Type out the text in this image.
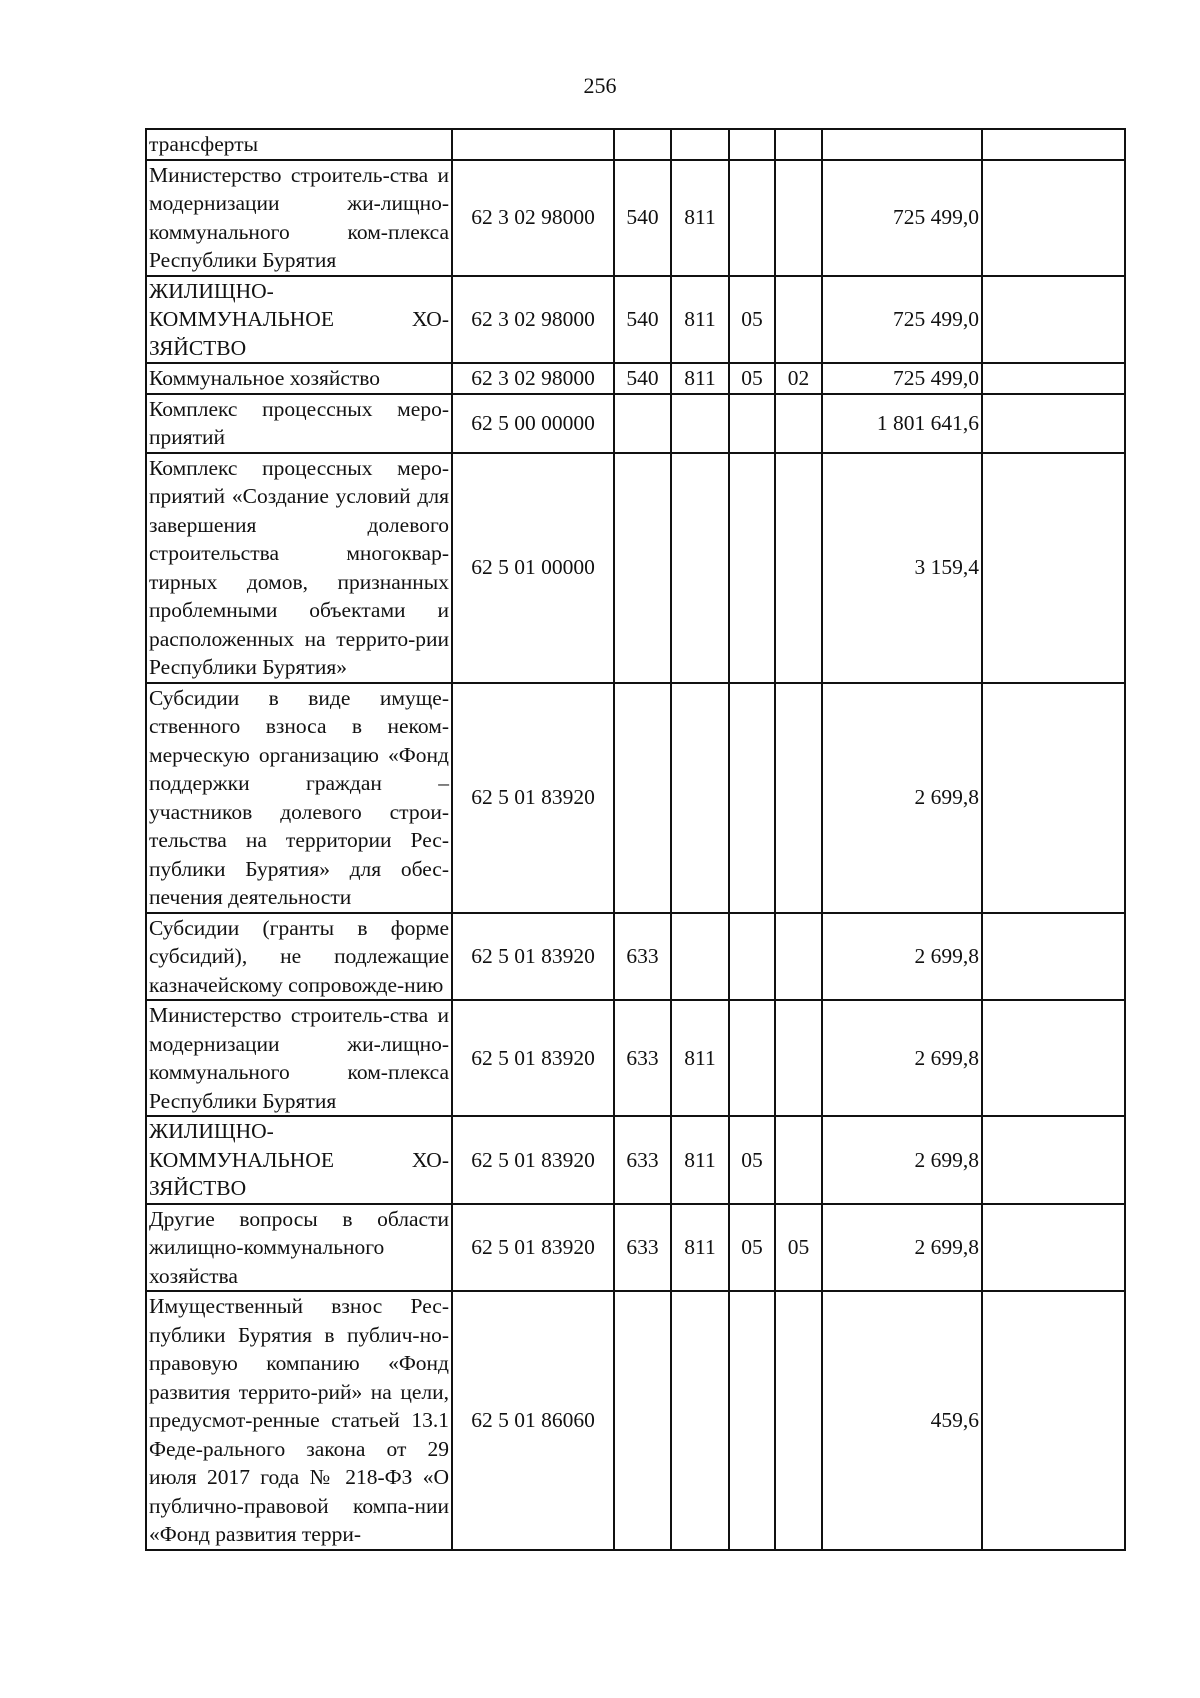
256
трансферты							
Министерство строитель-ства и модернизации жи-лищно-коммунального ком-плекса Республики Бурятия	62 3 02 98000	540	811			725 499,0	
ЖИЛИЩНО-КОММУНАЛЬНОЕ ХО-ЗЯЙСТВО	62 3 02 98000	540	811	05		725 499,0	
Коммунальное хозяйство	62 3 02 98000	540	811	05	02	725 499,0	
Комплекс процессных меро-приятий	62 5 00 00000					1 801 641,6	
Комплекс процессных меро-приятий «Создание условий для завершения долевого строительства многоквар-тирных домов, признанных проблемными объектами и расположенных на террито-рии Республики Бурятия»	62 5 01 00000					3 159,4	
Субсидии в виде имуще-ственного взноса в неком-мерческую организацию «Фонд поддержки граждан – участников долевого строи-тельства на территории Рес-публики Бурятия» для обес-печения деятельности	62 5 01 83920					2 699,8	
Субсидии (гранты в форме субсидий), не подлежащие казначейскому сопровожде-нию	62 5 01 83920	633				2 699,8	
Министерство строитель-ства и модернизации жи-лищно-коммунального ком-плекса Республики Бурятия	62 5 01 83920	633	811			2 699,8	
ЖИЛИЩНО-КОММУНАЛЬНОЕ ХО-ЗЯЙСТВО	62 5 01 83920	633	811	05		2 699,8	
Другие вопросы в области жилищно-коммунального хозяйства	62 5 01 83920	633	811	05	05	2 699,8	
Имущественный взнос Рес-публики Бурятия в публич-но-правовую компанию «Фонд развития террито-рий» на цели, предусмот-ренные статьей 13.1 Феде-рального закона от 29 июля 2017 года № 218-ФЗ «О публично-правовой компа-нии «Фонд развития терри-	62 5 01 86060					459,6	
